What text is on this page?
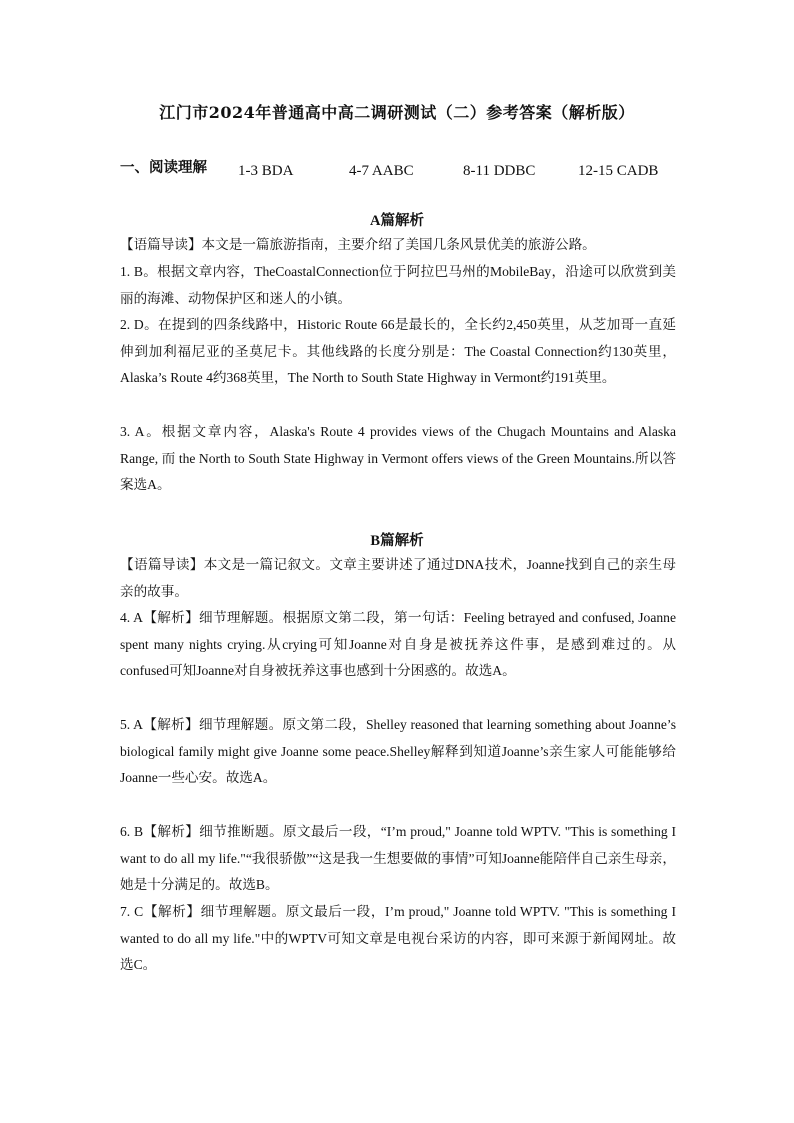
江门市2024年普通高中高二调研测试（二）参考答案（解析版）
一、阅读理解 1-3 BDA	4-7 AABC	8-11 DDBC	12-15 CADB
A篇解析
【语篇导读】本文是一篇旅游指南，主要介绍了美国几条风景优美的旅游公路。
1. B。根据文章内容，TheCoastalConnection位于阿拉巴马州的MobileBay，沿途可以欣赏到美丽的海滩、动物保护区和迷人的小镇。
2. D。在提到的四条线路中，Historic Route 66是最长的，全长约2,450英里，从芝加哥一直延伸到加利福尼亚的圣莫尼卡。其他线路的长度分别是：The Coastal Connection约130英里，Alaska’s Route 4约368英里，The North to South State Highway in Vermont约191英里。
3. A。根据文章内容，Alaska's Route 4 provides views of the Chugach Mountains and Alaska Range, 而 the North to South State Highway in Vermont offers views of the Green Mountains.所以答案选A。
B篇解析
【语篇导读】本文是一篇记叙文。文章主要讲述了通过DNA技术，Joanne找到自己的亲生母亲的故事。
4. A【解析】细节理解题。根据原文第二段，第一句话：Feeling betrayed and confused, Joanne spent many nights crying.从crying可知Joanne对自身是被抚养这件事，是感到难过的。从confused可知Joanne对自身被抚养这事也感到十分困惑的。故选A。
5. A【解析】细节理解题。原文第二段，Shelley reasoned that learning something about Joanne’s biological family might give Joanne some peace.Shelley解释到知道Joanne’s亲生家人可能能够给Joanne一些心安。故选A。
6. B【解析】细节推断题。原文最后一段，“I’m proud," Joanne told WPTV. "This is something I want to do all my life."“我很骄傲”“这是我一生想要做的事情”可知Joanne能陪伴自己亲生母亲，她是十分满足的。故选B。
7. C【解析】细节理解题。原文最后一段，I’m proud," Joanne told WPTV. "This is something I wanted to do all my life."中的WPTV可知文章是电视台采访的内容，即可来源于新闻网址。故选C。
